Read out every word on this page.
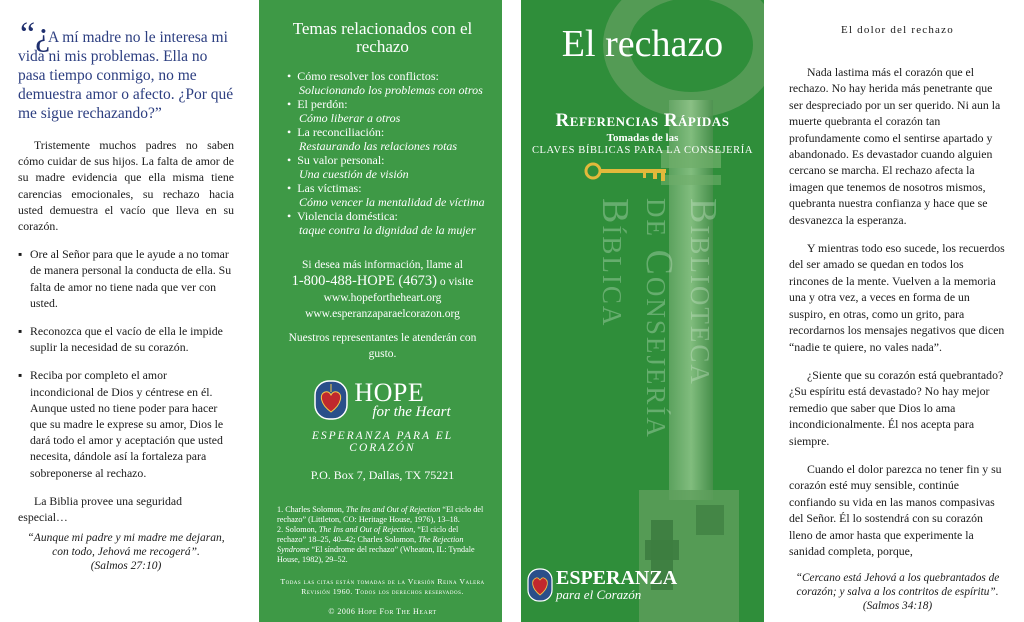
“¿

A mí madre no le interesa mi vida ni mis problemas. Ella no pasa tiempo conmigo, no me demuestra amor o afecto. ¿Por qué me sigue rechazando?”

Tristemente muchos padres no saben cómo cuidar de sus hijos. La falta de amor de su madre evidencia que ella misma tiene carencias emocionales, su rechazo hacia usted demuestra el vacío que lleva en su corazón.

▪ Ore al Señor para que le ayude a no tomar de manera personal la conducta de ella. Su falta de amor no tiene nada que ver con usted.
▪ Reconozca que el vacío de ella le impide suplir la necesidad de su corazón.
▪ Reciba por completo el amor incondicional de Dios y céntrese en él. Aunque usted no tiene poder para hacer que su madre le exprese su amor, Dios le dará todo el amor y aceptación que usted necesita, dándole así la fortaleza para sobreponerse al rechazo.

La Biblia provee una seguridad especial…

“Aunque mi padre y mi madre me dejaran, con todo, Jehová me recogerá”.

(Salmos 27:10)

Temas relacionados con el rechazo
•  Cómo resolver los conflictos:
Solucionando los problemas con otros
•  El perdón:
Cómo liberar a otros
•  La reconciliación:
Restaurando las relaciones rotas
•  Su valor personal:
Una cuestión de visión
•  Las víctimas:
Cómo vencer la mentalidad de víctima
•  Violencia doméstica:
taque contra la dignidad de la mujer

Si desea más información, llame al

1-800-488-HOPE (4673) o visite

www.hopefortheheart.org

www.esperanzaparaelcorazon.org

Nuestros representantes le atenderán con gusto.

HOPE
for the Heart
ESPERANZA PARA EL CORAZÓN
P.O. Box 7, Dallas, TX 75221
1. Charles Solomon, The Ins and Out of Rejection “El ciclo del rechazo” (Littleton, CO: Heritage House, 1976), 13–18.
2. Solomon, The Ins and Out of Rejection, “El ciclo del rechazo” 18–25, 40–42; Charles Solomon, The Rejection Syndrome “El síndrome del rechazo” (Wheaton, IL: Tyndale House, 1982), 29–52.
Todas las citas están tomadas de la Versión Reina Valera Revisión 1960. Todos los derechos reservados.
© 2006 Hope For The Heart
El rechazo
Referencias Rápidas
Tomadas de las
CLAVES BÍBLICAS PARA LA CONSEJERÍA
Biblioteca
de Consejería
Bíblica
ESPERANZA
para el Corazón
El dolor del rechazo

Nada lastima más el corazón que el rechazo. No hay herida más penetrante que ser despreciado por un ser querido. Ni aun la muerte quebranta el corazón tan profundamente como el sentirse apartado y abandonado. Es devastador cuando alguien cercano se marcha. El rechazo afecta la imagen que tenemos de nosotros mismos, quebranta nuestra confianza y hace que se desvanezca la esperanza.

Y mientras todo eso sucede, los recuerdos del ser amado se quedan en todos los rincones de la mente. Vuelven a la memoria una y otra vez, a veces en forma de un suspiro, en otras, como un grito, para recordarnos los mensajes negativos que dicen “nadie te quiere, no vales nada”.

¿Siente que su corazón está quebrantado? ¿Su espíritu está devastado? No hay mejor remedio que saber que Dios lo ama incondicionalmente. Él nos acepta para siempre.

Cuando el dolor parezca no tener fin y su corazón esté muy sensible, continúe confiando su vida en las manos compasivas del Señor. Él lo sostendrá con su corazón lleno de amor hasta que experimente la sanidad completa, porque,

“Cercano está Jehová a los quebrantados de corazón; y salva a los contritos de espíritu”.

(Salmos 34:18)
